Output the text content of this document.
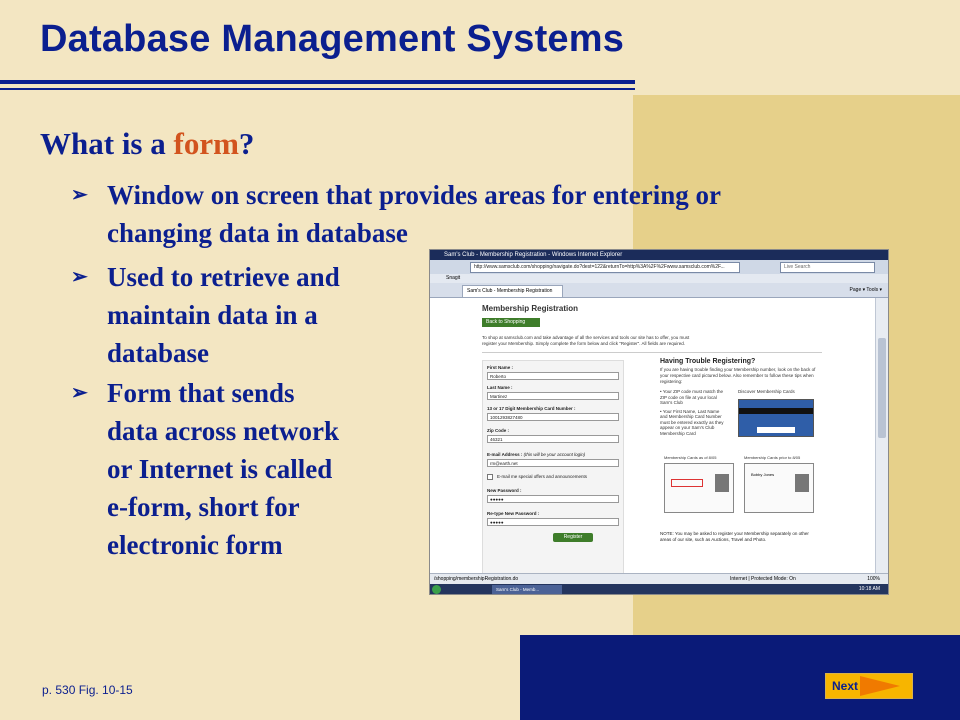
Database Management Systems
What is a form?
➢ Window on screen that provides areas for entering or
changing data in database
➢ Used to retrieve and
maintain data in a
database
➢ Form that sends
data across network
or Internet is called
e-form, short for
electronic form
Sam's Club - Membership Registration - Windows Internet Explorer
http://www.samsclub.com/shopping/navigate.do?dest=122&returnTo=http%3A%2F%2Fwww.samsclub.com%2F...	Live Search
Snagit
Sam's Club - Membership Registration	Page ▾ Tools ▾
Membership Registration
Back to Shopping
To shop at samsclub.com and take advantage of all the services and tools our site has to offer, you must register your Membership. Simply complete the form below and click "Register". All fields are required.
First Name :
Roberto
Last Name :
Martinez
13 or 17 Digit Membership Card Number :
1001293827480
Zip Code :
46321
E-mail Address : (this will be your account login)
rm@earth.net
E-mail me special offers and announcements
New Password :
●●●●●
Re-type New Password :
●●●●●
Register
Having Trouble Registering?
If you are having trouble finding your Membership number, look on the back of your respective card pictured below. Also remember to follow these tips when registering:
• Your ZIP code must match the ZIP code on file at your local Sam's Club
• Your First Name, Last Name and Membership Card Number must be entered exactly as they appear on your Sam's Club Membership Card
Discover Membership Cards
Membership Cards as of 8/05	Membership Cards prior to 8/05
Bobby Jones
NOTE: You may be asked to register your Membership separately on other areas of our site, such as Auctions, Travel and Photo.
/shopping/membershipRegistration.do	Internet | Protected Mode: On	100%
Sam's Club - Memb...	10:18 AM
p. 530 Fig. 10-15	Next
